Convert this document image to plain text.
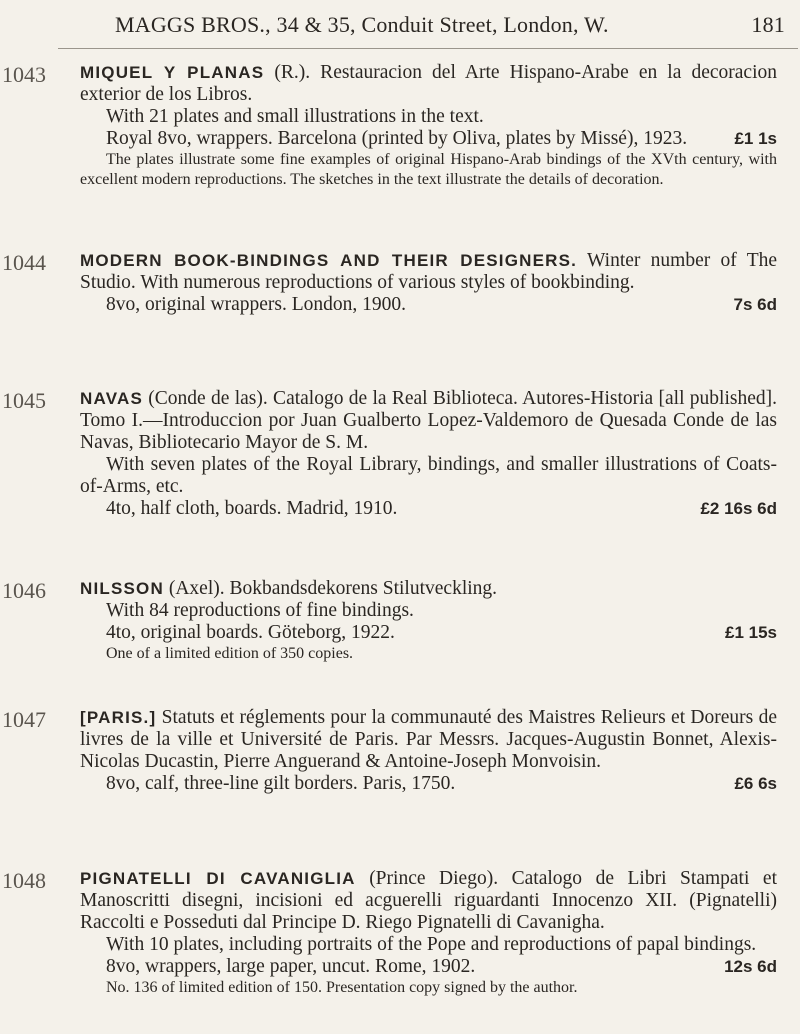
MAGGS BROS., 34 & 35, Conduit Street, London, W.	181
1043 MIQUEL Y PLANAS (R.). Restauracion del Arte Hispano-Arabe en la decoracion exterior de los Libros.

With 21 plates and small illustrations in the text.

Royal 8vo, wrappers. Barcelona (printed by Oliva, plates by Missé), 1923.	£1 1s

The plates illustrate some fine examples of original Hispano-Arab bindings of the XVth century, with excellent modern reproductions. The sketches in the text illustrate the details of decoration.

1044 MODERN BOOK-BINDINGS AND THEIR DESIGNERS. Winter number of The Studio. With numerous reproductions of various styles of bookbinding.

8vo, original wrappers. London, 1900.	7s 6d

1045 NAVAS (Conde de las). Catalogo de la Real Biblioteca. Autores-Historia [all published]. Tomo I.—Introduccion por Juan Gualberto Lopez-Valdemoro de Quesada Conde de las Navas, Bibliotecario Mayor de S. M.

With seven plates of the Royal Library, bindings, and smaller illustrations of Coats-of-Arms, etc.

4to, half cloth, boards. Madrid, 1910.	£2 16s 6d

1046 NILSSON (Axel). Bokbandsdekorens Stilutveckling.

With 84 reproductions of fine bindings.

4to, original boards. Göteborg, 1922.	£1 15s

One of a limited edition of 350 copies.

1047 [PARIS.] Statuts et réglements pour la communauté des Maistres Relieurs et Doreurs de livres de la ville et Université de Paris. Par Messrs. Jacques-Augustin Bonnet, Alexis-Nicolas Ducastin, Pierre Anguerand & Antoine-Joseph Monvoisin.

8vo, calf, three-line gilt borders. Paris, 1750.	£6 6s

1048 PIGNATELLI DI CAVANIGLIA (Prince Diego). Catalogo de Libri Stampati et Manoscritti disegni, incisioni ed acguerelli riguardanti Innocenzo XII. (Pignatelli) Raccolti e Posseduti dal Principe D. Riego Pignatelli di Cavanigha.

With 10 plates, including portraits of the Pope and reproductions of papal bindings.

8vo, wrappers, large paper, uncut. Rome, 1902.	12s 6d

No. 136 of limited edition of 150. Presentation copy signed by the author.
